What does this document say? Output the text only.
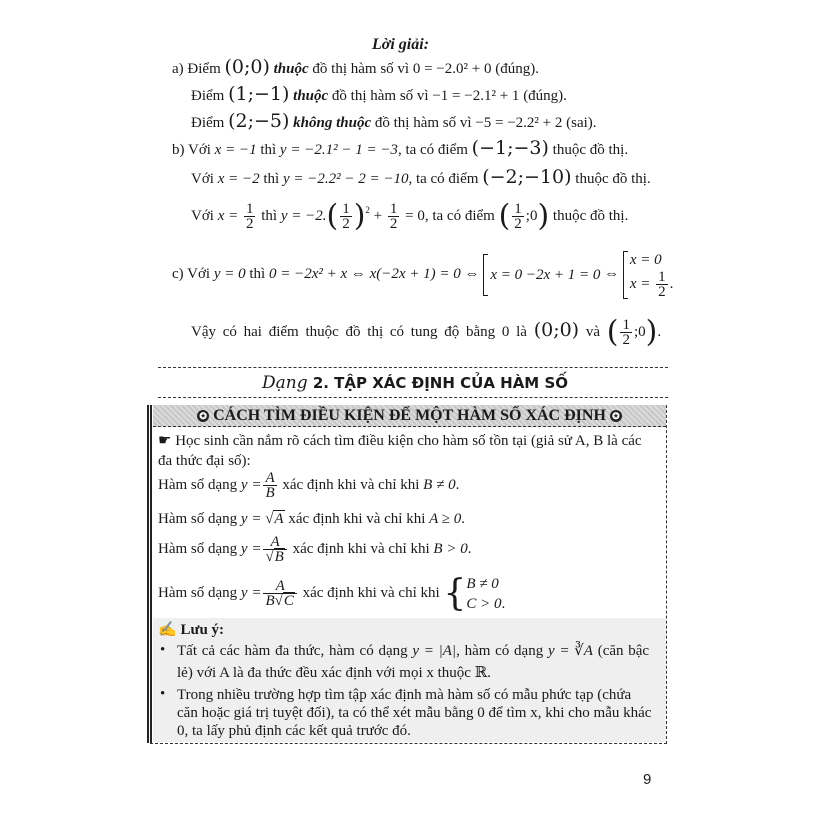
Lời giải:
a) Điểm (0;0) thuộc đồ thị hàm số vì 0 = −2.0² + 0 (đúng).
Điểm (1;−1) thuộc đồ thị hàm số vì −1 = −2.1² + 1 (đúng).
Điểm (2;−5) không thuộc đồ thị hàm số vì −5 = −2.2² + 2 (sai).
b) Với x = −1 thì y = −2.1² − 1 = −3, ta có điểm (−1;−3) thuộc đồ thị.
Với x = −2 thì y = −2.2² − 2 = −10, ta có điểm (−2;−10) thuộc đồ thị.
Với $x = \frac{1}{2}$ thì $y = -2.( \frac{1}{2} )^2 + \frac{1}{2} = 0$, ta có điểm ( $\frac{1}{2}$ ;0) thuộc đồ thị.
c) Với y = 0 thì 0 = −2x² + x ⇔ x(−2x + 1) = 0 ⇔ x = 0 −2x + 1 = 0 ⇔ x = 0
$x = \frac{1}{2}$ .
Vậy có hai điểm thuộc đồ thị có tung độ bằng 0 là (0;0) và ( $\frac{1}{2}$ ;0).
Dạng 2. TẬP XÁC ĐỊNH CỦA HÀM SỐ
✪ CÁCH TÌM ĐIỀU KIỆN ĐỂ MỘT HÀM SỐ XÁC ĐỊNH ✪
☛ Học sinh cần nắm rõ cách tìm điều kiện cho hàm số tồn tại (giả sử A, B là các
đa thức đại số):
Hàm số dạng $y = \frac{A}{B}$ xác định khi và chỉ khi B ≠ 0.
Hàm số dạng y = √A xác định khi và chỉ khi A ≥ 0.
Hàm số dạng $y = \frac{A}{√B}$ xác định khi và chỉ khi B > 0.
Hàm số dạng $y = \frac{A}{B√C}$ xác định khi và chỉ khi {B ≠ 0
C > 0.
✍ Lưu ý:
• Tất cả các hàm đa thức, hàm có dạng y = |A|, hàm có dạng y = ∛A (căn bậc
lẻ) với A là đa thức đều xác định với mọi x thuộc ℝ.
• Trong nhiều trường hợp tìm tập xác định mà hàm số có mẫu phức tạp (chứa
căn hoặc giá trị tuyệt đối), ta có thể xét mẫu bằng 0 để tìm x, khi cho mẫu khác
0, ta lấy phủ định các kết quả trước đó.
9
